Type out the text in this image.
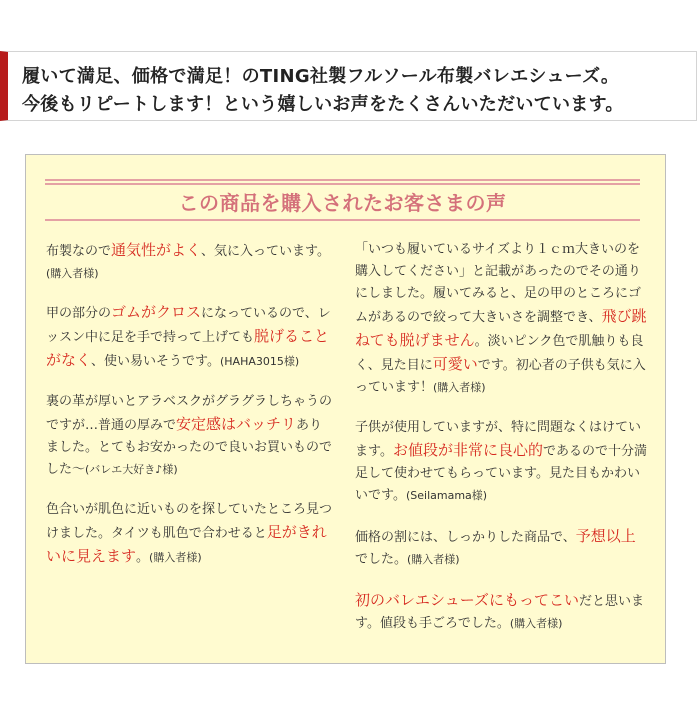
履いて満足、価格で満足！のTING社製フルソール布製バレエシューズ。
今後もリピートします！という嬉しいお声をたくさんいただいています。
この商品を購入されたお客さまの声

布製なので通気性がよく、気に入っています。(購入者様)

甲の部分のゴムがクロスになっているので、レッスン中に足を手で持って上げても脱げることがなく、使い易いそうです。(HAHA3015様)

裏の革が厚いとアラベスクがグラグラしちゃうのですが…普通の厚みで安定感はバッチリありました。とてもお安かったので良いお買いものでした～(バレエ大好き♪様)

色合いが肌色に近いものを探していたところ見つけました。タイツも肌色で合わせると足がきれいに見えます。(購入者様)

「いつも履いているサイズより１ｃｍ大きいのを購入してください」と記載があったのでその通りにしました。履いてみると、足の甲のところにゴムがあるので絞って大きいさを調整でき、飛び跳ねても脱げません。淡いピンク色で肌触りも良く、見た目に可愛いです。初心者の子供も気に入っています！(購入者様)

子供が使用していますが、特に問題なくはけています。お値段が非常に良心的であるので十分満足して使わせてもらっています。見た目もかわいいです。(Seilamama様)

価格の割には、しっかりした商品で、予想以上でした。(購入者様)

初のバレエシューズにもってこいだと思います。値段も手ごろでした。(購入者様)
